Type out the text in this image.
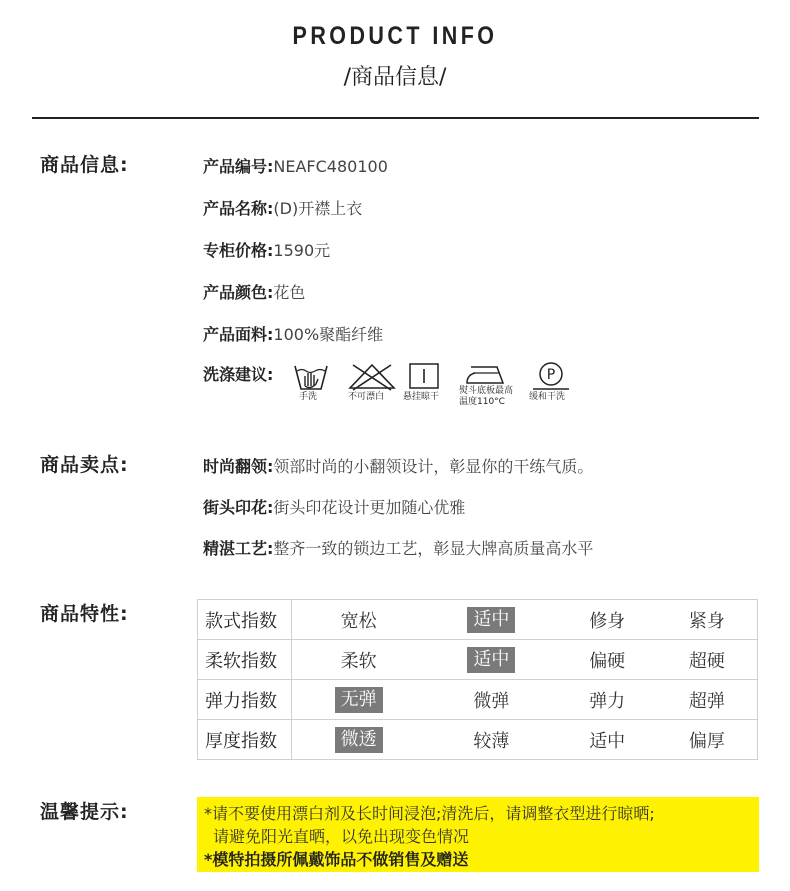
PRODUCT INFO
/商品信息/
商品信息:	产品编号:NEAFC480100
产品名称:(D)开襟上衣
专柜价格:1590元
产品颜色:花色
产品面料:100%聚酯纤维
洗涤建议:
手洗	不可漂白	悬挂晾干
熨斗底板最高
温度110°C
P
缓和干洗
商品卖点:	时尚翻领:领部时尚的小翻领设计，彰显你的干练气质。
街头印花:街头印花设计更加随心优雅
精湛工艺:整齐一致的锁边工艺，彰显大牌高质量高水平
商品特性:	款式指数	宽松	适中	修身	紧身
柔软指数	柔软	适中	偏硬	超硬
弹力指数	无弹	微弹	弹力	超弹
厚度指数	微透	较薄	适中	偏厚
温馨提示:	*请不要使用漂白剂及长时间浸泡;清洗后，请调整衣型进行晾晒;
请避免阳光直晒，以免出现变色情况
*模特拍摄所佩戴饰品不做销售及赠送
